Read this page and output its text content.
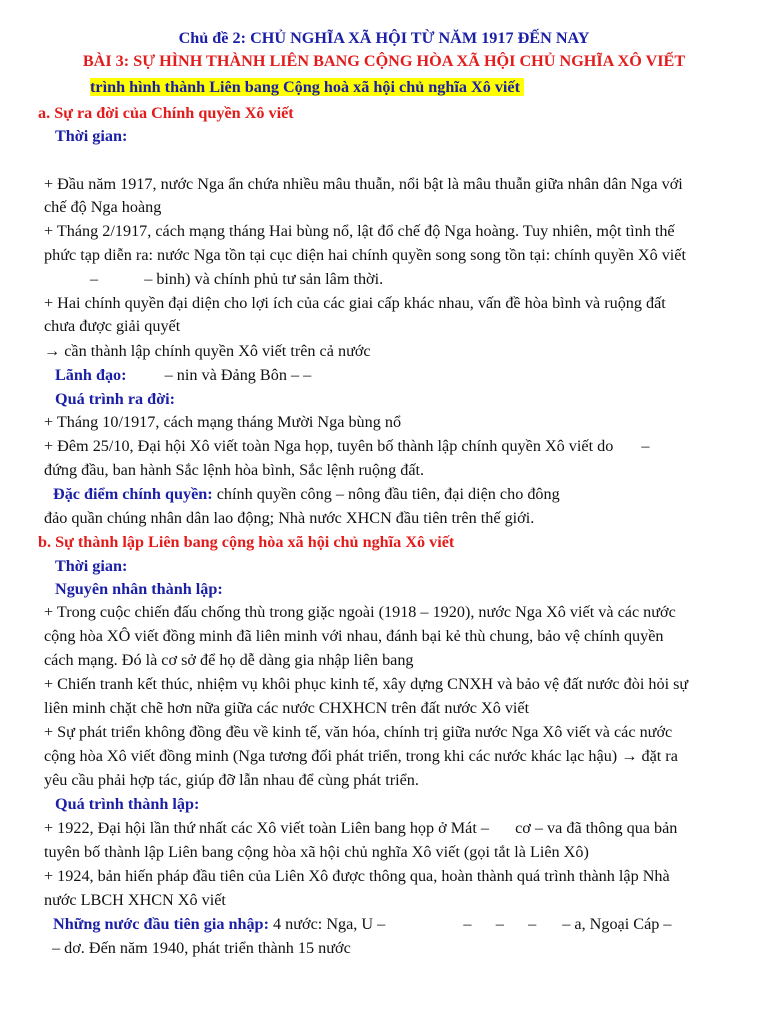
Chủ đề 2: CHỦ NGHĨA XÃ HỘI TỪ NĂM 1917 ĐẾN NAY
BÀI 3: SỰ HÌNH THÀNH LIÊN BANG CỘNG HÒA XÃ HỘI CHỦ NGHĨA XÔ VIẾT
trình hình thành Liên bang Cộng hoà xã hội chủ nghĩa Xô viết
a. Sự ra đời của Chính quyền Xô viết
Thời gian:
+ Đầu năm 1917, nước Nga ẩn chứa nhiều mâu thuẫn, nổi bật là mâu thuẫn giữa nhân dân Nga với
chế độ Nga hoàng
+ Tháng 2/1917, cách mạng tháng Hai bùng nổ, lật đổ chế độ Nga hoàng. Tuy nhiên, một tình thế
phức tạp diễn ra: nước Nga tồn tại cục diện hai chính quyền song song tồn tại: chính quyền Xô viết
–	– binh) và chính phủ tư sản lâm thời.
+ Hai chính quyền đại diện cho lợi ích của các giai cấp khác nhau, vấn đề hòa bình và ruộng đất
chưa được giải quyết
→ cần thành lập chính quyền Xô viết trên cả nước
Lãnh đạo: – nin và Đảng Bôn – –
Quá trình ra đời:
+ Tháng 10/1917, cách mạng tháng Mười Nga bùng nổ
+ Đêm 25/10, Đại hội Xô viết toàn Nga họp, tuyên bố thành lập chính quyền Xô viết do –
đứng đầu, ban hành Sắc lệnh hòa bình, Sắc lệnh ruộng đất.
Đặc điểm chính quyền: chính quyền công – nông đầu tiên, đại diện cho đông
đảo quần chúng nhân dân lao động; Nhà nước XHCN đầu tiên trên thế giới.
b. Sự thành lập Liên bang cộng hòa xã hội chủ nghĩa Xô viết
Thời gian:
Nguyên nhân thành lập:
+ Trong cuộc chiến đấu chống thù trong giặc ngoài (1918 – 1920), nước Nga Xô viết và các nước
cộng hòa XÔ viết đồng minh đã liên minh với nhau, đánh bại kẻ thù chung, bảo vệ chính quyền
cách mạng. Đó là cơ sở để họ dễ dàng gia nhập liên bang
+ Chiến tranh kết thúc, nhiệm vụ khôi phục kinh tế, xây dựng CNXH và bảo vệ đất nước đòi hỏi sự
liên minh chặt chẽ hơn nữa giữa các nước CHXHCN trên đất nước Xô viết
+ Sự phát triển không đồng đều về kinh tế, văn hóa, chính trị giữa nước Nga Xô viết và các nước
cộng hòa Xô viết đồng minh (Nga tương đối phát triển, trong khi các nước khác lạc hậu) → đặt ra
yêu cầu phải hợp tác, giúp đỡ lẫn nhau để cùng phát triển.
Quá trình thành lập:
+ 1922, Đại hội lần thứ nhất các Xô viết toàn Liên bang họp ở Mát – cơ – va đã thông qua bản
tuyên bố thành lập Liên bang cộng hòa xã hội chủ nghĩa Xô viết (gọi tắt là Liên Xô)
+ 1924, bản hiến pháp đầu tiên của Liên Xô được thông qua, hoàn thành quá trình thành lập Nhà
nước LBCH XHCN Xô viết
Những nước đầu tiên gia nhập: 4 nước: Nga, U –	–      –      – – a, Ngoại Cáp –
– dơ. Đến năm 1940, phát triển thành 15 nước
